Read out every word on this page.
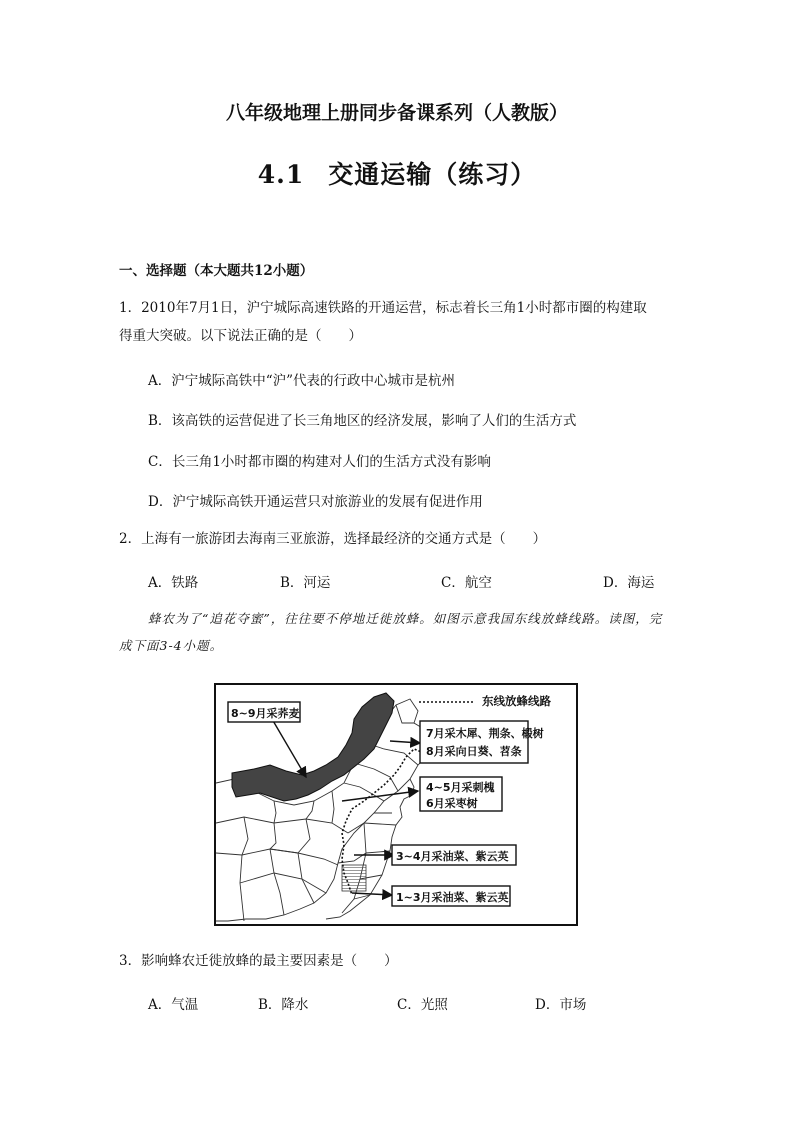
八年级地理上册同步备课系列（人教版）
4.1 交通运输（练习）
一、选择题（本大题共12小题）
1．2010年7月1日，沪宁城际高速铁路的开通运营，标志着长三角1小时都市圈的构建取
得重大突破。以下说法正确的是（　　）
A．沪宁城际高铁中“沪”代表的行政中心城市是杭州
B．该高铁的运营促进了长三角地区的经济发展，影响了人们的生活方式
C．长三角1小时都市圈的构建对人们的生活方式没有影响
D．沪宁城际高铁开通运营只对旅游业的发展有促进作用
2．上海有一旅游团去海南三亚旅游，选择最经济的交通方式是（　　）
A．铁路	B．河运	C．航空	D．海运
蜂农为了“追花夺蜜”，往往要不停地迁徙放蜂。如图示意我国东线放蜂线路。读图，完
成下面3-4小题。
东线放蜂线路
8~9月采荞麦
7月采木犀、荆条、椴树
8月采向日葵、苕条
4~5月采刺槐
6月采枣树
3~4月采油菜、紫云英
1~3月采油菜、紫云英
3．影响蜂农迁徙放蜂的最主要因素是（　　）
A．气温	B．降水	C．光照	D．市场
